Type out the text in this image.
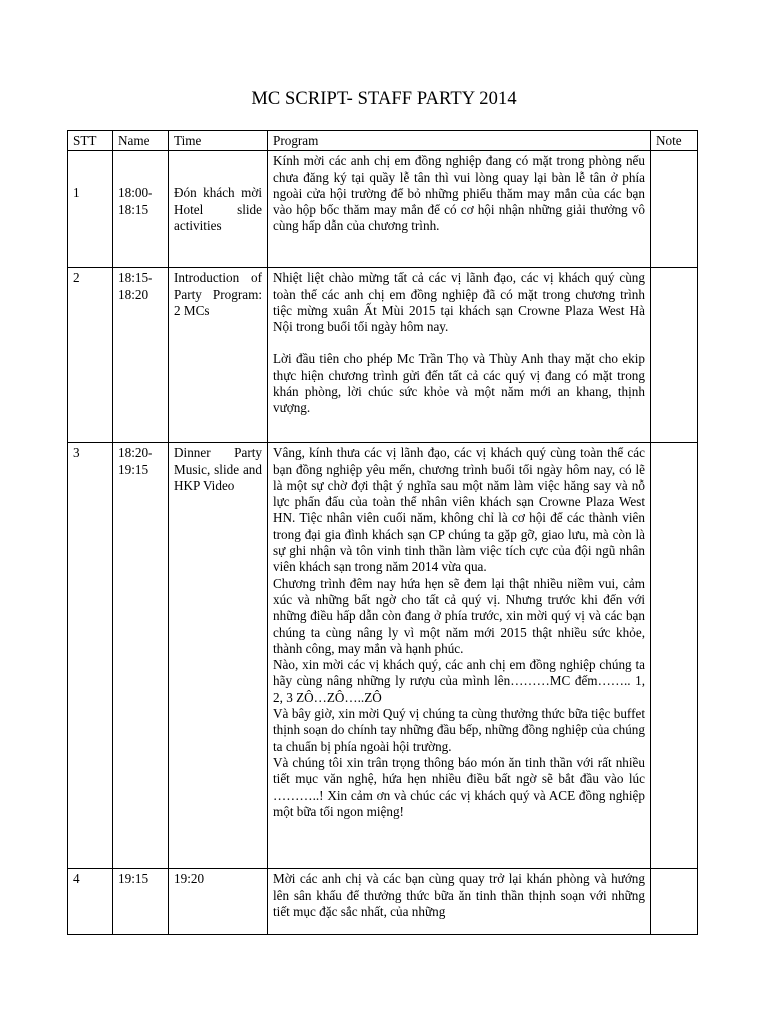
MC SCRIPT- STAFF PARTY 2014
STT	Name	Time	Program	Note

1	18:00-18:15	Đón khách mời Hotel slide activities	Kính mời các anh chị em đồng nghiệp đang có mặt trong phòng nếu chưa đăng ký tại quầy lễ tân thì vui lòng quay lại bàn lễ tân ở phía ngoài cửa hội trường để bỏ những phiếu thăm may mắn của các bạn vào hộp bốc thăm may mắn để có cơ hội nhận những giải thưởng vô cùng hấp dẫn của chương trình.	

2	18:15-18:20	Introduction of Party Program: 2 MCs	Nhiệt liệt chào mừng tất cả các vị lãnh đạo, các vị khách quý cùng toàn thể các anh chị em đồng nghiệp đã có mặt trong chương trình tiệc mừng xuân Ất Mùi 2015 tại khách sạn Crowne Plaza West Hà Nội trong buổi tối ngày hôm nay.

Lời đầu tiên cho phép Mc Trần Thọ và Thùy Anh thay mặt cho ekip thực hiện chương trình gửi đến tất cả các quý vị đang có mặt trong khán phòng, lời chúc sức khỏe và một năm mới an khang, thịnh vượng.	

3	18:20-19:15	Dinner Party Music, slide and HKP Video	Vâng, kính thưa các vị lãnh đạo, các vị khách quý cùng toàn thể các bạn đồng nghiệp yêu mến, chương trình buổi tối ngày hôm nay, có lẽ là một sự chờ đợi thật ý nghĩa sau một năm làm việc hăng say và nỗ lực phấn đấu của toàn thể nhân viên khách sạn Crowne Plaza West HN. Tiệc nhân viên cuối năm, không chỉ là cơ hội để các thành viên trong đại gia đình khách sạn CP chúng ta gặp gỡ, giao lưu, mà còn là sự ghi nhận và tôn vinh tinh thần làm việc tích cực của đội ngũ nhân viên khách sạn trong năm 2014 vừa qua.

Chương trình đêm nay hứa hẹn sẽ đem lại thật nhiều niềm vui, cảm xúc và những bất ngờ cho tất cả quý vị. Nhưng trước khi đến với những điều hấp dẫn còn đang ở phía trước, xin mời quý vị và các bạn chúng ta cùng nâng ly vì một năm mới 2015 thật nhiều sức khỏe, thành công, may mắn và hạnh phúc.

Nào, xin mời các vị khách quý, các anh chị em đồng nghiệp chúng ta hãy cùng nâng những ly rượu của mình lên………MC đếm…….. 1, 2, 3 ZÔ…ZÔ…..ZÔ

Và bây giờ, xin mời Quý vị chúng ta cùng thưởng thức bữa tiệc buffet thịnh soạn do chính tay những đầu bếp, những đồng nghiệp của chúng ta chuẩn bị phía ngoài hội trường.

Và chúng tôi xin trân trọng thông báo món ăn tinh thần với rất nhiều tiết mục văn nghệ, hứa hẹn nhiều điều bất ngờ sẽ bắt đầu vào lúc ………..! Xin cảm ơn và chúc các vị khách quý và ACE đồng nghiệp một bữa tối ngon miệng!	

4	19:15	19:20	Mời các anh chị và các bạn cùng quay trở lại khán phòng và hướng lên sân khấu để thưởng thức bữa ăn tinh thần thịnh soạn với những tiết mục đặc sắc nhất, của những	
